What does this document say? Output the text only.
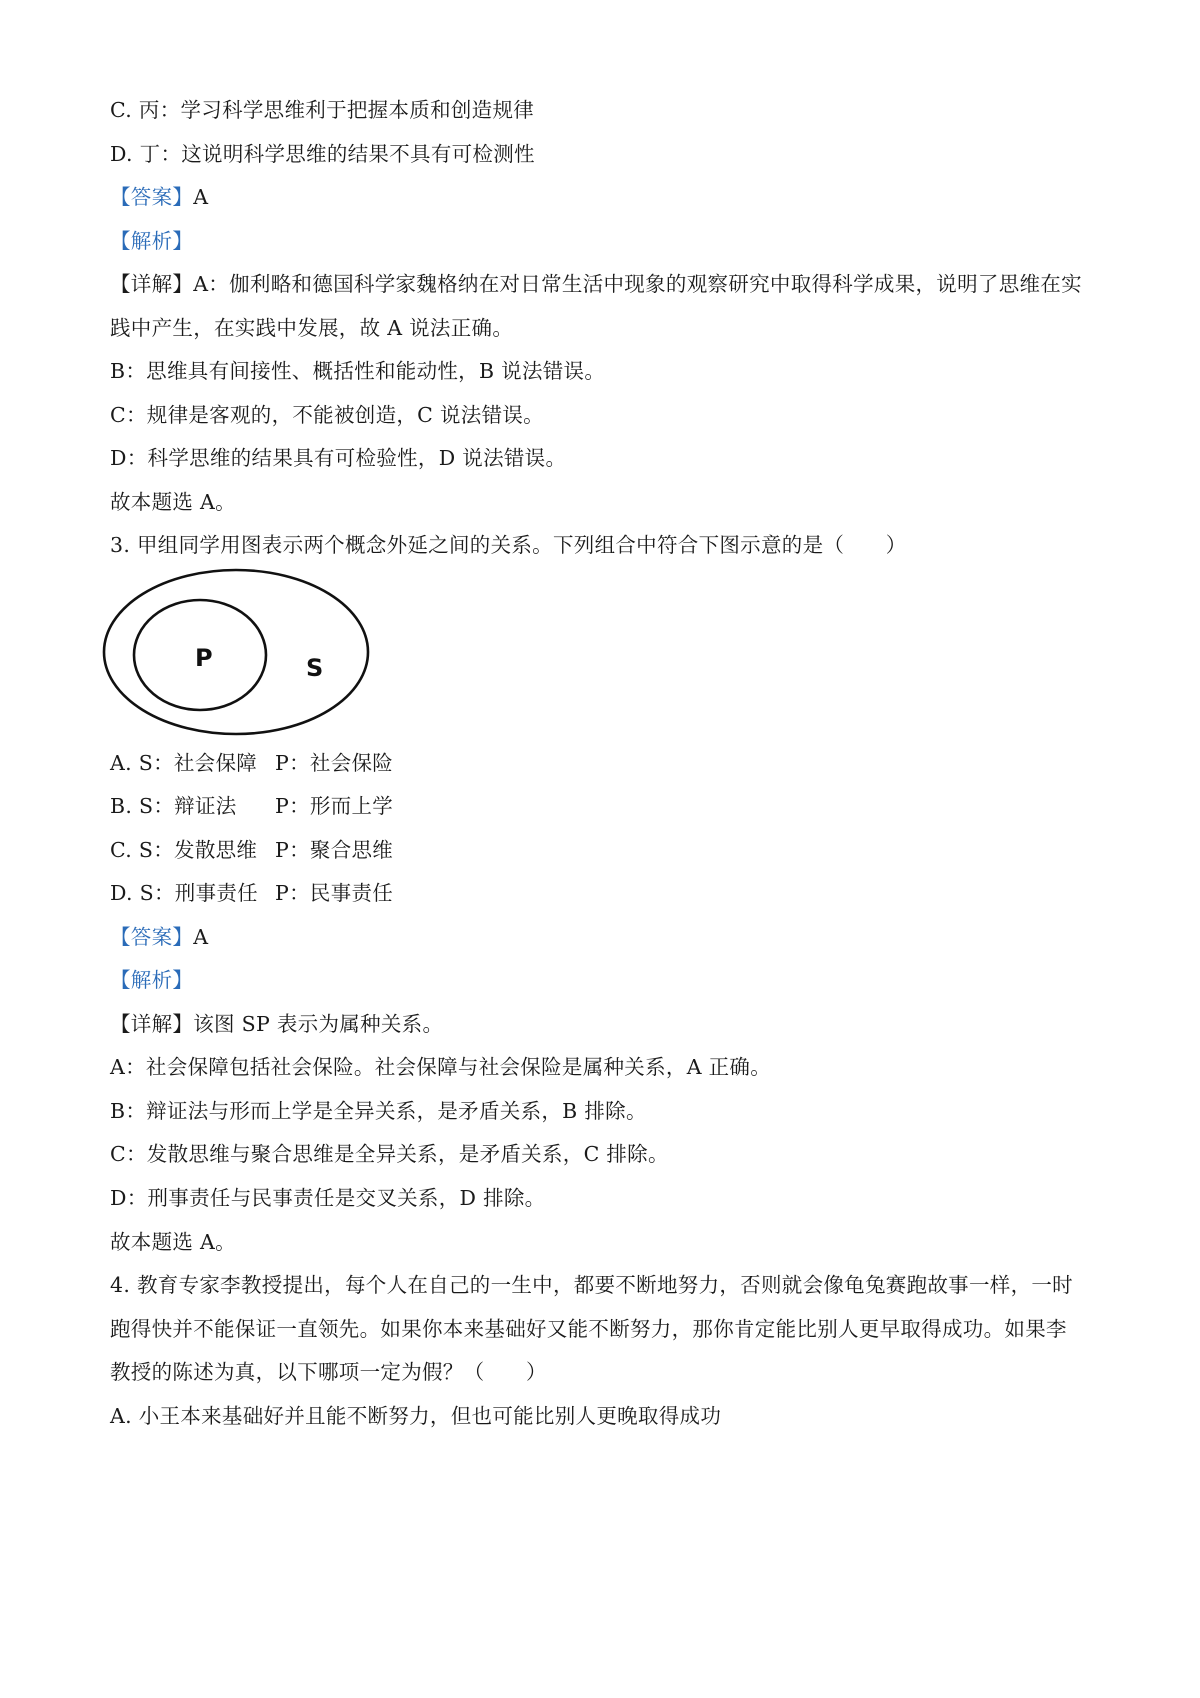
C. 丙：学习科学思维利于把握本质和创造规律
D. 丁：这说明科学思维的结果不具有可检测性
【答案】A
【解析】
【详解】A：伽利略和德国科学家魏格纳在对日常生活中现象的观察研究中取得科学成果，说明了思维在实
践中产生，在实践中发展，故 A 说法正确。
B：思维具有间接性、概括性和能动性，B 说法错误。
C：规律是客观的，不能被创造，C 说法错误。
D：科学思维的结果具有可检验性，D 说法错误。
故本题选 A。
3. 甲组同学用图表示两个概念外延之间的关系。下列组合中符合下图示意的是（　　）
P	S
A. S：社会保障 P：社会保险
B. S：辩证法 P：形而上学
C. S：发散思维 P：聚合思维
D. S：刑事责任 P：民事责任
【答案】A
【解析】
【详解】该图 SP 表示为属种关系。
A：社会保障包括社会保险。社会保障与社会保险是属种关系，A 正确。
B：辩证法与形而上学是全异关系，是矛盾关系，B 排除。
C：发散思维与聚合思维是全异关系，是矛盾关系，C 排除。
D：刑事责任与民事责任是交叉关系，D 排除。
故本题选 A。
4. 教育专家李教授提出，每个人在自己的一生中，都要不断地努力，否则就会像龟兔赛跑故事一样，一时
跑得快并不能保证一直领先。如果你本来基础好又能不断努力，那你肯定能比别人更早取得成功。如果李
教授的陈述为真，以下哪项一定为假？（　　）
A. 小王本来基础好并且能不断努力，但也可能比别人更晚取得成功
